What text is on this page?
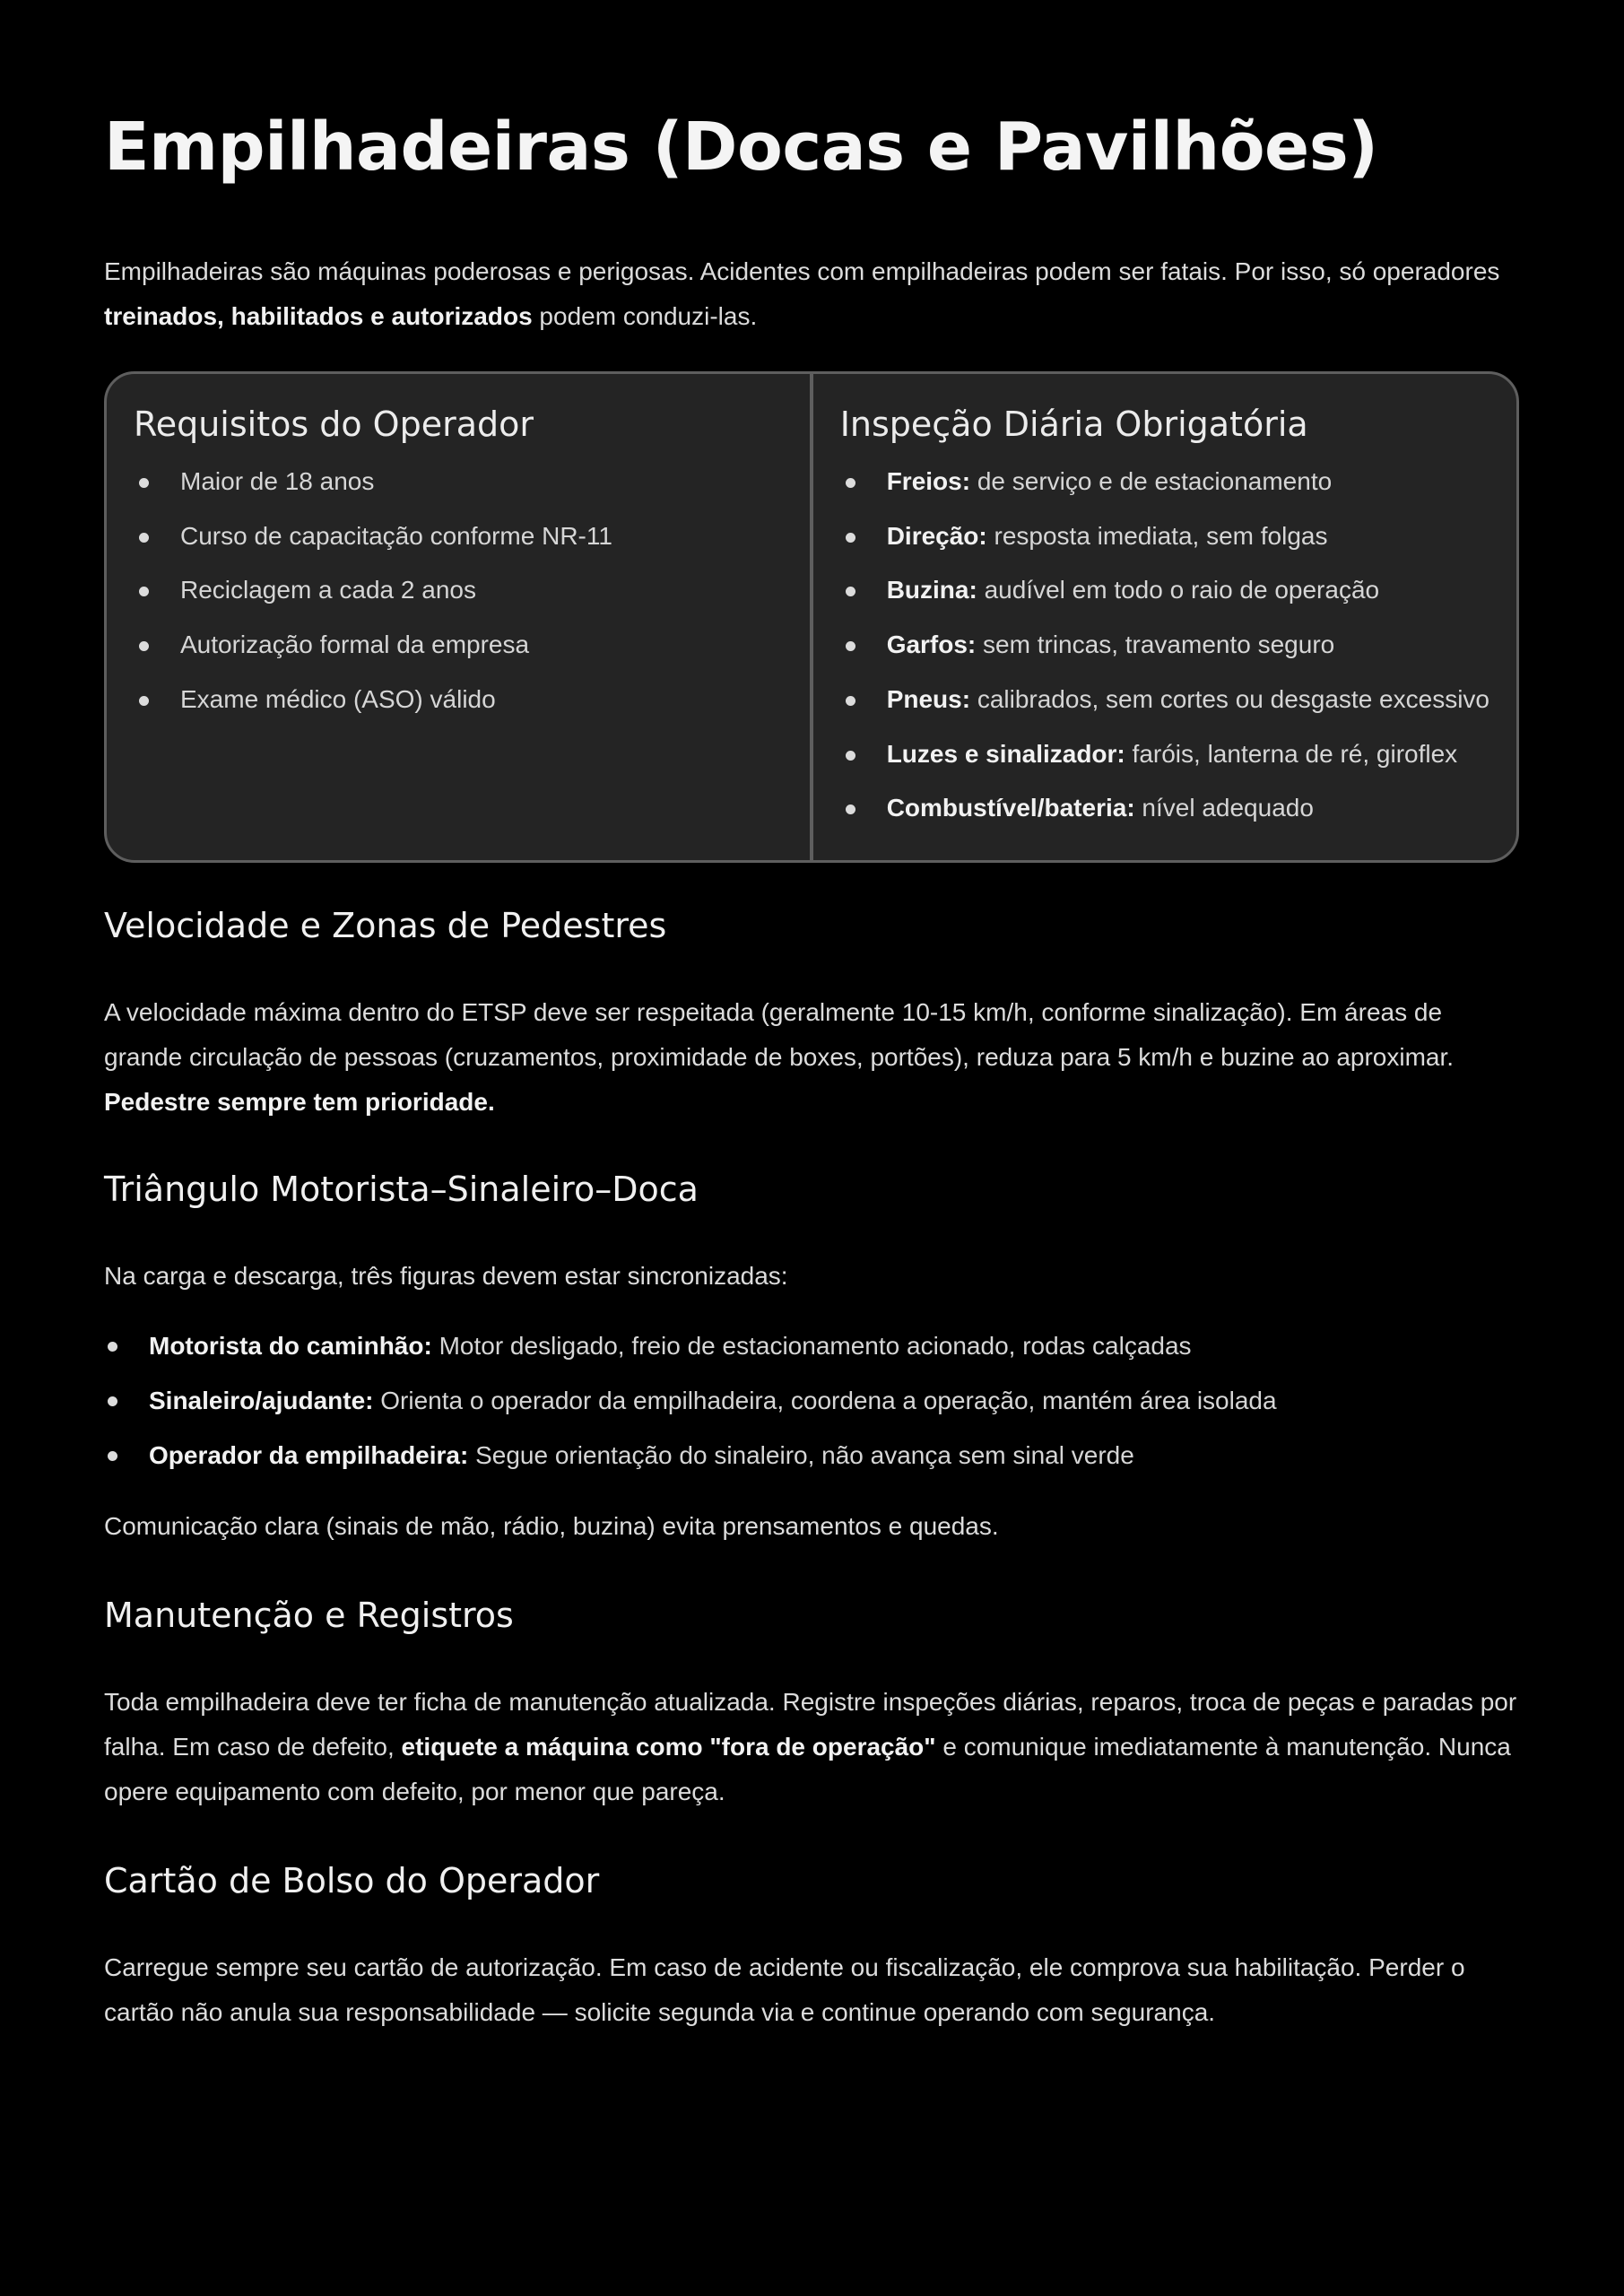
Empilhadeiras (Docas e Pavilhões)

Empilhadeiras são máquinas poderosas e perigosas. Acidentes com empilhadeiras podem ser fatais. Por isso, só operadores treinados, habilitados e autorizados podem conduzi-las.

Requisitos do Operador
Maior de 18 anos
Curso de capacitação conforme NR-11
Reciclagem a cada 2 anos
Autorização formal da empresa
Exame médico (ASO) válido
Inspeção Diária Obrigatória
Freios: de serviço e de estacionamento
Direção: resposta imediata, sem folgas
Buzina: audível em todo o raio de operação
Garfos: sem trincas, travamento seguro
Pneus: calibrados, sem cortes ou desgaste excessivo
Luzes e sinalizador: faróis, lanterna de ré, giroflex
Combustível/bateria: nível adequado
Velocidade e Zonas de Pedestres

A velocidade máxima dentro do ETSP deve ser respeitada (geralmente 10-15 km/h, conforme sinalização). Em áreas de grande circulação de pessoas (cruzamentos, proximidade de boxes, portões), reduza para 5 km/h e buzine ao aproximar. Pedestre sempre tem prioridade.

Triângulo Motorista–Sinaleiro–Doca

Na carga e descarga, três figuras devem estar sincronizadas:

Motorista do caminhão: Motor desligado, freio de estacionamento acionado, rodas calçadas
Sinaleiro/ajudante: Orienta o operador da empilhadeira, coordena a operação, mantém área isolada
Operador da empilhadeira: Segue orientação do sinaleiro, não avança sem sinal verde

Comunicação clara (sinais de mão, rádio, buzina) evita prensamentos e quedas.

Manutenção e Registros

Toda empilhadeira deve ter ficha de manutenção atualizada. Registre inspeções diárias, reparos, troca de peças e paradas por falha. Em caso de defeito, etiquete a máquina como "fora de operação" e comunique imediatamente à manutenção. Nunca opere equipamento com defeito, por menor que pareça.

Cartão de Bolso do Operador

Carregue sempre seu cartão de autorização. Em caso de acidente ou fiscalização, ele comprova sua habilitação. Perder o cartão não anula sua responsabilidade — solicite segunda via e continue operando com segurança.
